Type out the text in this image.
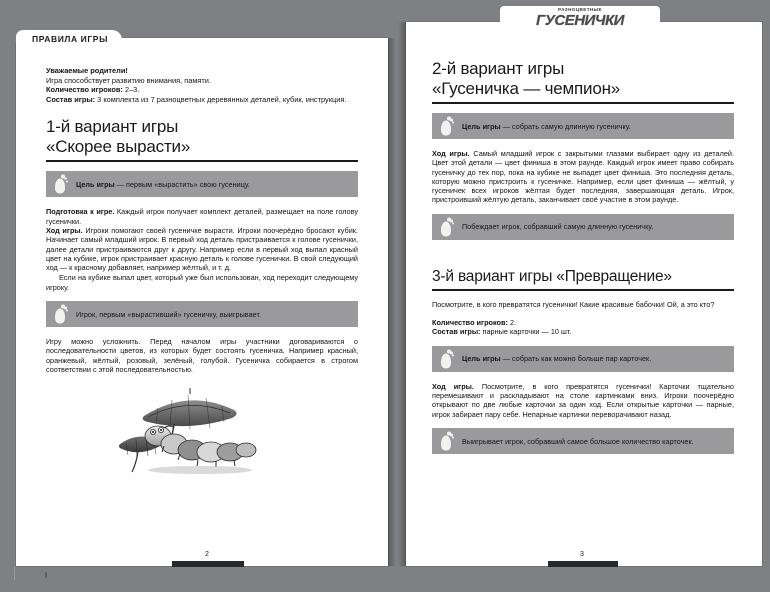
ПРАВИЛА ИГРЫ
Уважаемые родители!
Игра способствует развитию внимания, памяти.
Количество игроков: 2–3.
Состав игры: 3 комплекта из 7 разноцветных деревянных деталей, кубик, инструкция.
1-й вариант игры
«Скорее вырасти»
Цель игры — первым «вырастить» свою гусеницу.

Подготовка к игре. Каждый игрок получает комплект деталей, размещает на поле голову гусенички.

Ход игры. Игроки помогают своей гусеничке вырасти. Игроки поочерёдно бросают кубик. Начинает самый младший игрок. В первый ход деталь пристраивается к голове гусенички, далее детали пристраиваются друг к другу. Например если в первый ход выпал красный цвет на кубике, игрок пристраивает красную деталь к голове гусенички. В свой следующий ход — к красному добавляет, например жёлтый, и т. д.

Если на кубике выпал цвет, который уже был использован, ход переходит следующему игроку.

Игрок, первым «вырастивший» гусеничку, выигрывает.

Игру можно усложнить. Перед началом игры участники договариваются о последовательности цветов, из которых будет состоять гусеничка. Например красный, оранжевый, жёлтый, розовый, зелёный, голубой. Гусеничка собирается в строгом соответствии с этой последовательностью.

2
РАЗНОЦВЕТНЫЕ
ГУСЕНИЧКИ
2-й вариант игры
«Гусеничка — чемпион»
Цель игры — собрать самую длинную гусеничку.

Ход игры. Самый младший игрок с закрытыми глазами выбирает одну из деталей. Цвет этой детали — цвет финиша в этом раунде. Каждый игрок имеет право собирать гусеничку до тех пор, пока на кубике не выпадет цвет финиша. Это последняя деталь, которую можно пристроить к гусеничке. Например, если цвет финиша — жёлтый, у гусеничек всех игроков жёлтая будет последняя, завершающая деталь. Игрок, пристроивший жёлтую деталь, заканчивает своё участие в этом раунде.

Побеждает игрок, собравший самую длинную гусеничку.
3-й вариант игры «Превращение»

Посмотрите, в кого превратятся гусенички! Какие красивые бабочки! Ой, а это кто?

Количество игроков: 2.
Состав игры: парные карточки — 10 шт.
Цель игры — собрать как можно больше пар карточек.

Ход игры. Посмотрите, в кого превратятся гусенички! Карточки тщательно перемешивают и раскладывают на столе картинками вниз. Игроки поочерёдно открывают по две любые карточки за один ход. Если открытые карточки — парные, игрок забирает пару себе. Непарные картинки переворачивают назад.

Выигрывает игрок, собравший самое большое количество карточек.
3
